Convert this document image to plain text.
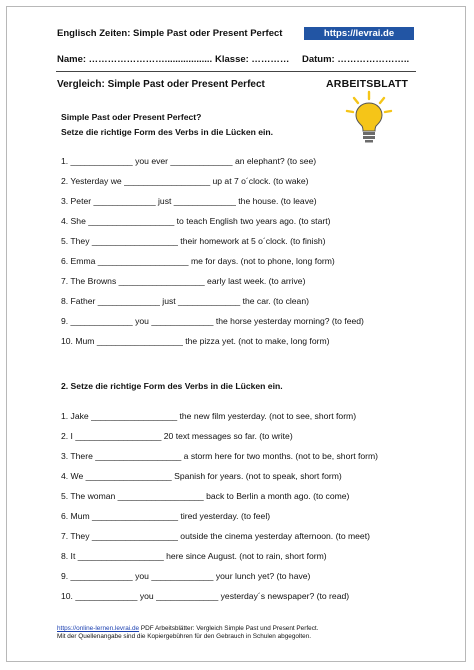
Englisch Zeiten: Simple Past oder Present Perfect	https://levrai.de
Name: …………………….................. Klasse: ………… Datum: …………………..
Vergleich: Simple Past oder Present Perfect	ARBEITSBLATT
Simple Past oder Present Perfect?
Setze die richtige Form des Verbs in die Lücken ein.
1. _____________ you ever _____________ an elephant? (to see)
2. Yesterday we __________________ up at 7 o´clock. (to wake)
3. Peter _____________ just _____________ the house. (to leave)
4. She __________________ to teach English two years ago. (to start)
5. They __________________ their homework at 5 o´clock. (to finish)
6. Emma ___________________ me for days. (not to phone, long form)
7. The Browns __________________ early last week. (to arrive)
8. Father _____________ just _____________ the car. (to clean)
9. _____________ you _____________ the horse yesterday morning? (to feed)
10. Mum __________________ the pizza yet. (not to make, long form)
2. Setze die richtige Form des Verbs in die Lücken ein.
1. Jake __________________ the new film yesterday. (not to see, short form)
2. I __________________ 20 text messages so far. (to write)
3. There __________________ a storm here for two months. (not to be, short form)
4. We __________________ Spanish for years. (not to speak, short form)
5. The woman __________________ back to Berlin a month ago. (to come)
6. Mum __________________ tired yesterday. (to feel)
7. They __________________ outside the cinema yesterday afternoon. (to meet)
8. It __________________ here since August. (not to rain, short form)
9. _____________ you _____________ your lunch yet? (to have)
10. _____________ you _____________ yesterday´s newspaper? (to read)
https://online-lernen.levrai.de PDF Arbeitsblätter: Vergleich Simple Past und Present Perfect.
Mit der Quellenangabe sind die Kopiergebühren für den Gebrauch in Schulen abgegolten.
